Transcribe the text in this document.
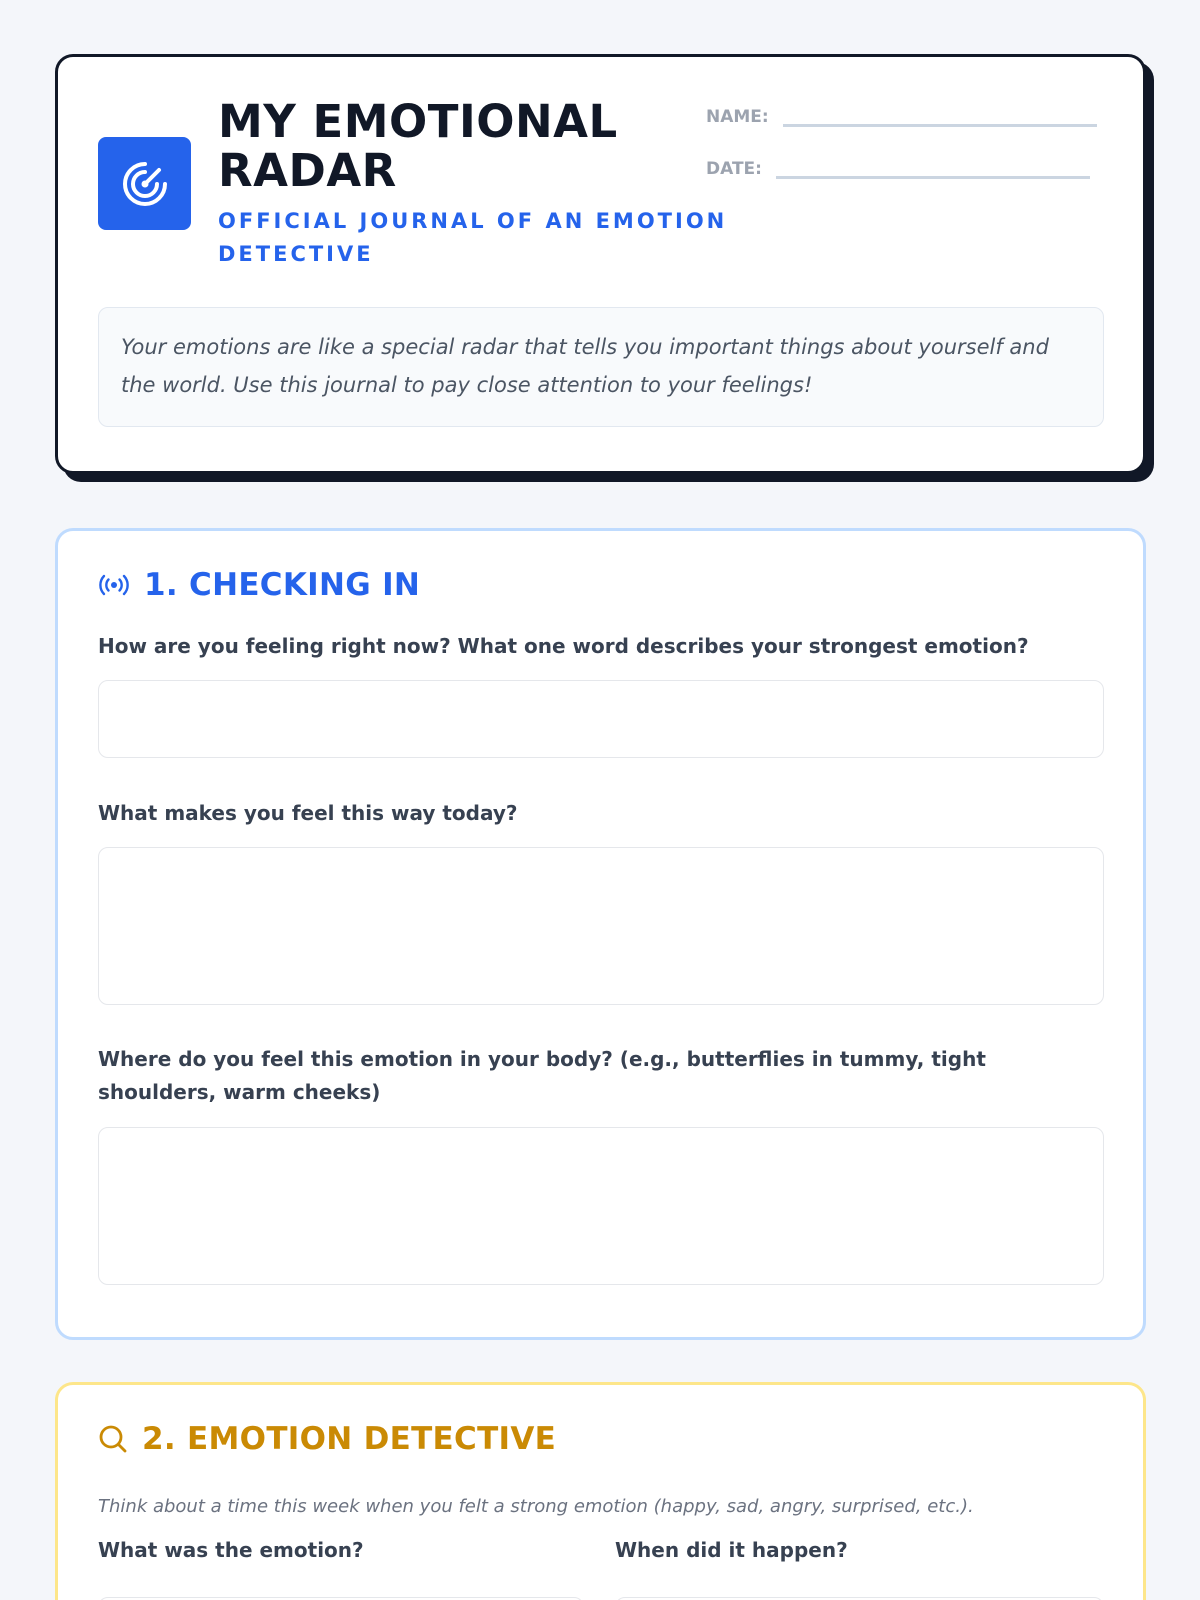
MY EMOTIONAL
RADAR
OFFICIAL JOURNAL OF AN EMOTION DETECTIVE
NAME:
DATE:
Your emotions are like a special radar that tells you important things about yourself and the world. Use this journal to pay close attention to your feelings!
1. CHECKING IN
How are you feeling right now? What one word describes your strongest emotion?
What makes you feel this way today?
Where do you feel this emotion in your body? (e.g., butterflies in tummy, tight shoulders, warm cheeks)
2. EMOTION DETECTIVE
Think about a time this week when you felt a strong emotion (happy, sad, angry, surprised, etc.).
What was the emotion?	When did it happen?
